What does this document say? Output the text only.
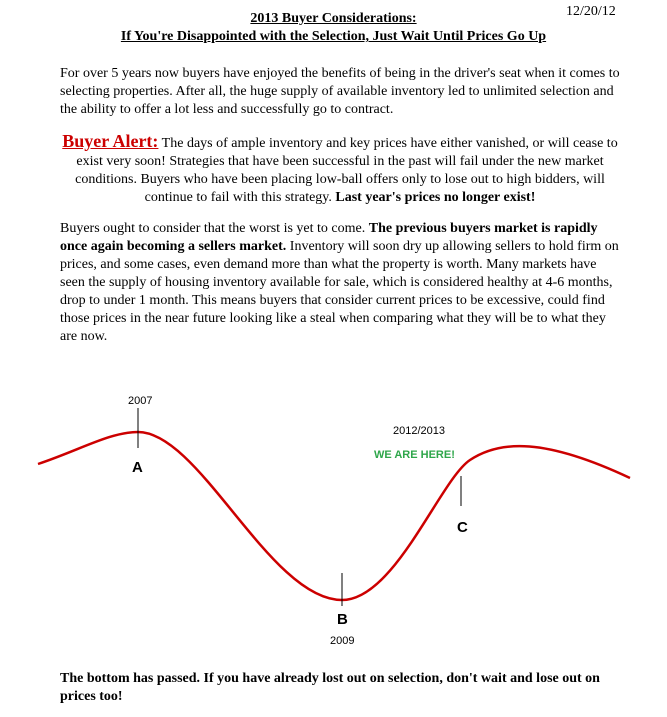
12/20/12
2013 Buyer Considerations:
If You're Disappointed with the Selection, Just Wait Until Prices Go Up
For over 5 years now buyers have enjoyed the benefits of being in the driver's seat when it comes to selecting properties. After all, the huge supply of available inventory led to unlimited selection and the ability to offer a lot less and successfully go to contract.
Buyer Alert: The days of ample inventory and key prices have either vanished, or will cease to exist very soon! Strategies that have been successful in the past will fail under the new market conditions. Buyers who have been placing low-ball offers only to lose out to high bidders, will continue to fail with this strategy. Last year's prices no longer exist!
Buyers ought to consider that the worst is yet to come. The previous buyers market is rapidly once again becoming a sellers market. Inventory will soon dry up allowing sellers to hold firm on prices, and some cases, even demand more than what the property is worth. Many markets have seen the supply of housing inventory available for sale, which is considered healthy at 4-6 months, drop to under 1 month. This means buyers that consider current prices to be excessive, could find those prices in the near future looking like a steal when comparing what they will be to what they are now.
2007
A
B
2009
2012/2013
WE ARE HERE!
C
The bottom has passed. If you have already lost out on selection, don't wait and lose out on prices too!
